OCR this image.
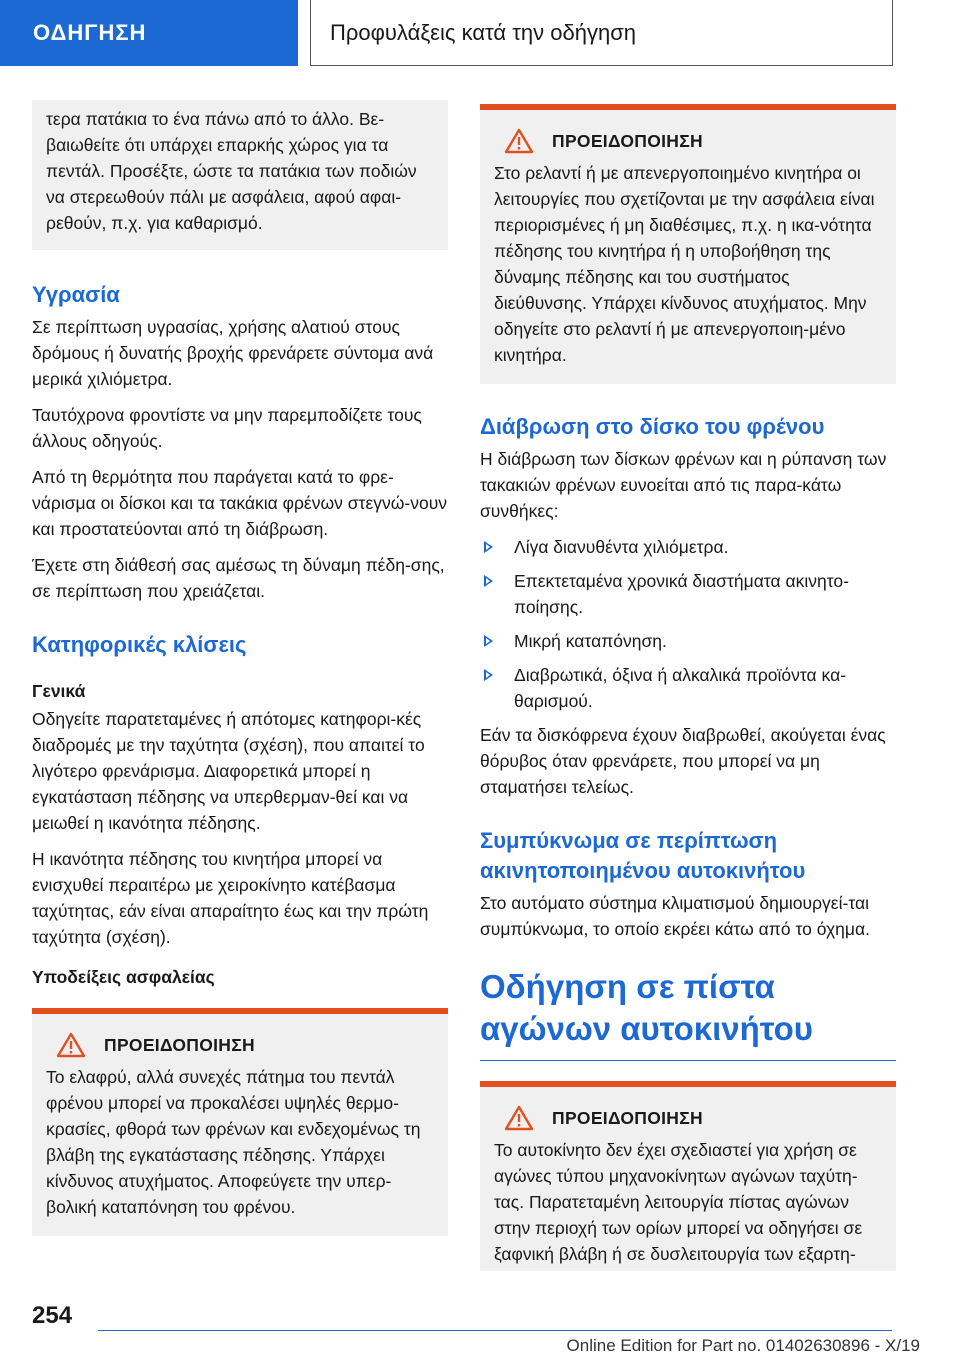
ΟΔΗΓΗΣΗ	Προφυλάξεις κατά την οδήγηση

τερα πατάκια το ένα πάνω από το άλλο. Βε-

βαιωθείτε ότι υπάρχει επαρκής χώρος για τα

πεντάλ. Προσέξτε, ώστε τα πατάκια των ποδιών

να στερεωθούν πάλι με ασφάλεια, αφού αφαι-

ρεθούν, π.χ. για καθαρισμό.

Υγρασία

Σε περίπτωση υγρασίας, χρήσης αλατιού στους δρόμους ή δυνατής βροχής φρενάρετε σύντομα ανά μερικά χιλιόμετρα.

Ταυτόχρονα φροντίστε να μην παρεμποδίζετε τους άλλους οδηγούς.

Από τη θερμότητα που παράγεται κατά το φρε-νάρισμα οι δίσκοι και τα τακάκια φρένων στεγνώ-νουν και προστατεύονται από τη διάβρωση.

Έχετε στη διάθεσή σας αμέσως τη δύναμη πέδη-σης, σε περίπτωση που χρειάζεται.

Κατηφορικές κλίσεις
Γενικά

Οδηγείτε παρατεταμένες ή απότομες κατηφορι-κές διαδρομές με την ταχύτητα (σχέση), που απαιτεί το λιγότερο φρενάρισμα. Διαφορετικά μπορεί η εγκατάσταση πέδησης να υπερθερμαν-θεί και να μειωθεί η ικανότητα πέδησης.

Η ικανότητα πέδησης του κινητήρα μπορεί να ενισχυθεί περαιτέρω με χειροκίνητο κατέβασμα ταχύτητας, εάν είναι απαραίτητο έως και την πρώτη ταχύτητα (σχέση).

Υποδείξεις ασφαλείας
ΠΡΟΕΙΔΟΠΟΙΗΣΗ

Το ελαφρύ, αλλά συνεχές πάτημα του πεντάλ φρένου μπορεί να προκαλέσει υψηλές θερμο-κρασίες, φθορά των φρένων και ενδεχομένως τη βλάβη της εγκατάστασης πέδησης. Υπάρχει κίνδυνος ατυχήματος. Αποφεύγετε την υπερ-βολική καταπόνηση του φρένου.

ΠΡΟΕΙΔΟΠΟΙΗΣΗ

Στο ρελαντί ή με απενεργοποιημένο κινητήρα οι λειτουργίες που σχετίζονται με την ασφάλεια είναι περιορισμένες ή μη διαθέσιμες, π.χ. η ικα-νότητα πέδησης του κινητήρα ή η υποβοήθηση της δύναμης πέδησης και του συστήματος διεύθυνσης. Υπάρχει κίνδυνος ατυχήματος. Μην οδηγείτε στο ρελαντί ή με απενεργοποιη-μένο κινητήρα.

Διάβρωση στο δίσκο του φρένου

Η διάβρωση των δίσκων φρένων και η ρύπανση των τακακιών φρένων ευνοείται από τις παρα-κάτω συνθήκες:

Λίγα διανυθέντα χιλιόμετρα.
Επεκτεταμένα χρονικά διαστήματα ακινητο-ποίησης.
Μικρή καταπόνηση.
Διαβρωτικά, όξινα ή αλκαλικά προϊόντα κα-θαρισμού.

Εάν τα δισκόφρενα έχουν διαβρωθεί, ακούγεται ένας θόρυβος όταν φρενάρετε, που μπορεί να μη σταματήσει τελείως.

Συμπύκνωμα σε περίπτωση ακινητοποιημένου αυτοκινήτου

Στο αυτόματο σύστημα κλιματισμού δημιουργεί-ται συμπύκνωμα, το οποίο εκρέει κάτω από το όχημα.

Οδήγηση σε πίστα αγώνων αυτοκινήτου
ΠΡΟΕΙΔΟΠΟΙΗΣΗ

Το αυτοκίνητο δεν έχει σχεδιαστεί για χρήση σε αγώνες τύπου μηχανοκίνητων αγώνων ταχύτη-τας. Παρατεταμένη λειτουργία πίστας αγώνων στην περιοχή των ορίων μπορεί να οδηγήσει σε ξαφνική βλάβη ή σε δυσλειτουργία των εξαρτη-

254
Online Edition for Part no. 01402630896 - X/19
